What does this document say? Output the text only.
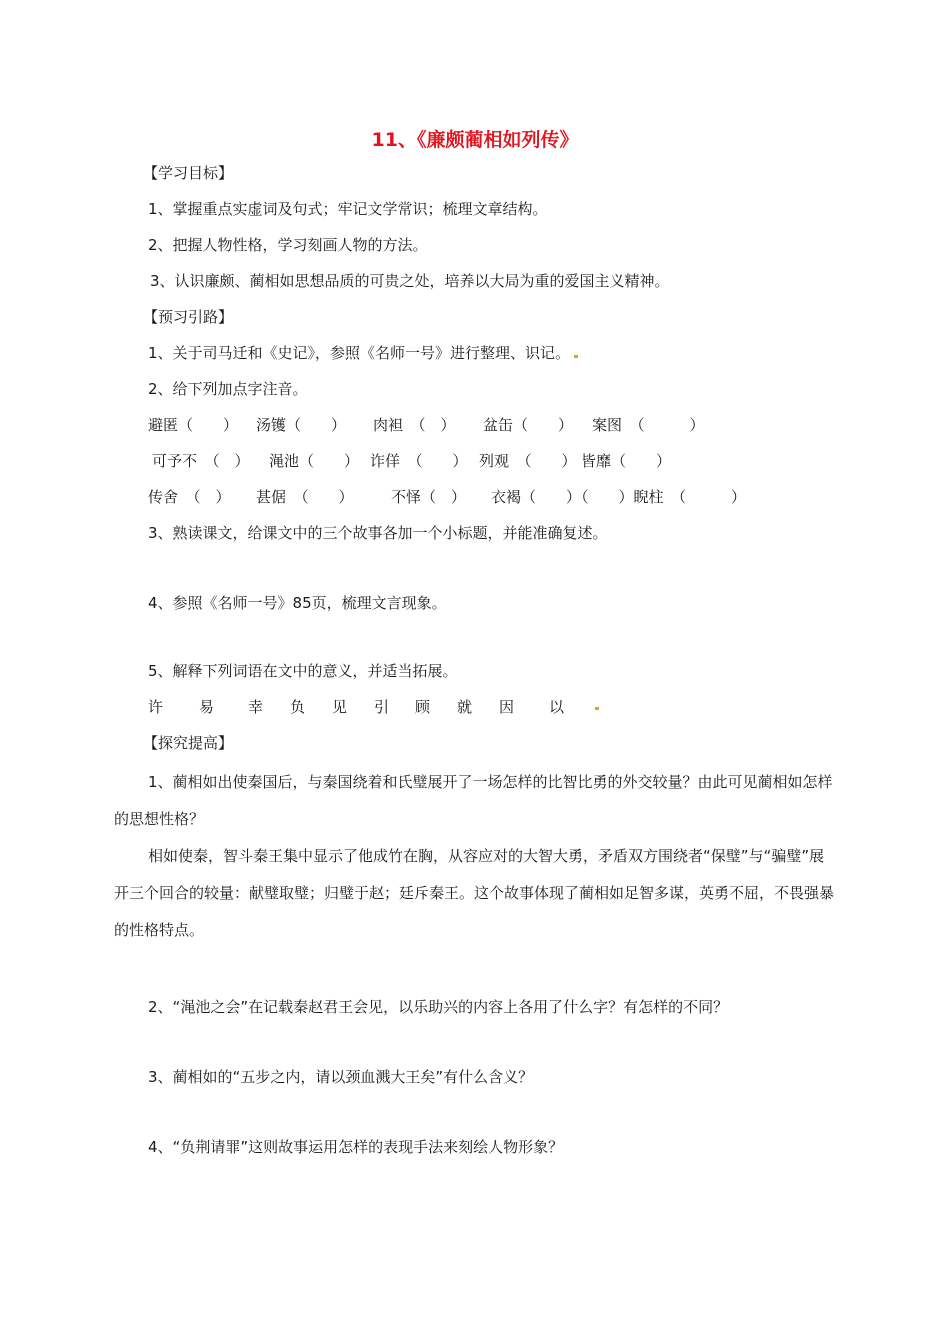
11、《廉颇蔺相如列传》
【学习目标】
1、掌握重点实虚词及句式；牢记文学常识；梳理文章结构。
2、把握人物性格，学习刻画人物的方法。
3、认识廉颇、蔺相如思想品质的可贵之处，培养以大局为重的爱国主义精神。
【预习引路】
1、关于司马迁和《史记》，参照《名师一号》进行整理、识记。
2、给下列加点字注音。
避匿（　　） 汤镬（　　） 肉袒　（　） 盆缶（　　） 案图　（　　　）
可予不　（　） 渑池（　　） 诈佯　（　　） 列观　（　　） 皆靡（　　）
传舍　（　） 甚倨　（　　） 不怿（　） 衣褐（　　）（　　）睨柱　（　　　）
3、熟读课文，给课文中的三个故事各加一个小标题，并能准确复述。
4、参照《名师一号》85页，梳理文言现象。
5、解释下列词语在文中的意义，并适当拓展。
许 易 幸 负 见 引 顾 就 因 以
【探究提高】
1、蔺相如出使秦国后，与秦国绕着和氏璧展开了一场怎样的比智比勇的外交较量？由此可见蔺相如怎样的思想性格？
相如使秦，智斗秦王集中显示了他成竹在胸，从容应对的大智大勇，矛盾双方围绕者“保璧”与“骗璧”展开三个回合的较量：献璧取璧；归璧于赵；廷斥秦王。这个故事体现了蔺相如足智多谋，英勇不屈，不畏强暴的性格特点。
2、“渑池之会”在记载秦赵君王会见，以乐助兴的内容上各用了什么字？有怎样的不同？
3、蔺相如的“五步之内，请以颈血溅大王矣”有什么含义？
4、“负荆请罪”这则故事运用怎样的表现手法来刻绘人物形象？
